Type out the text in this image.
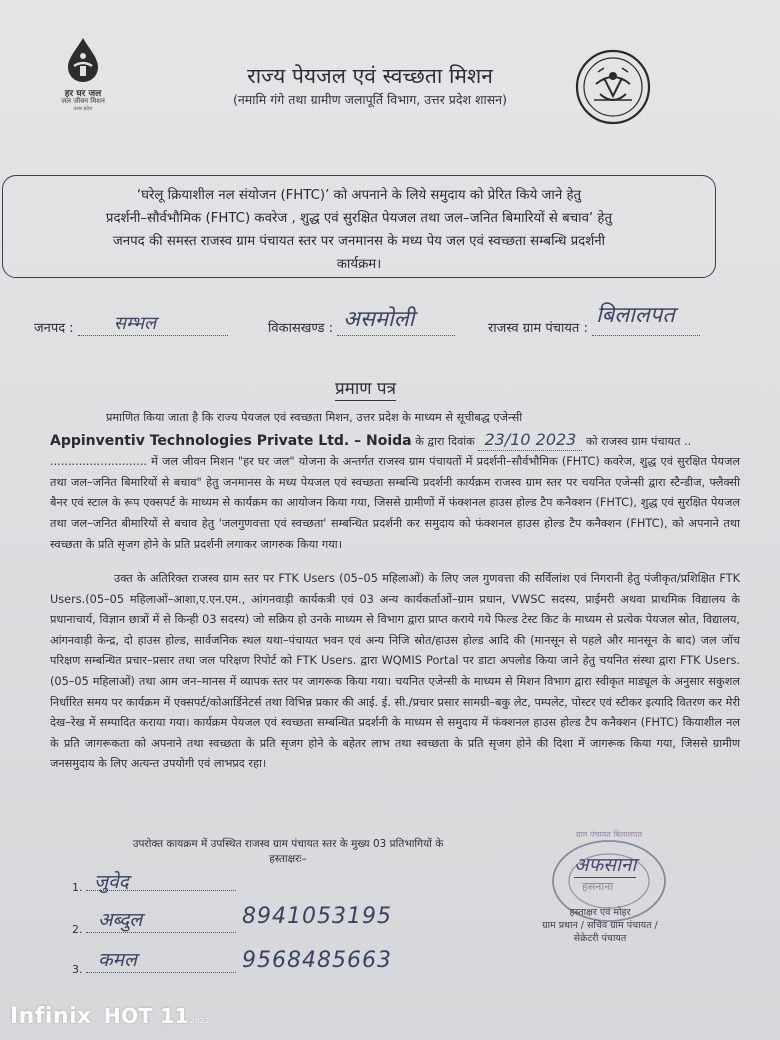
हर घर जल
जल जीवन मिशन
उत्तर प्रदेश
राज्य पेयजल एवं स्वच्छता मिशन
(नमामि गंगे तथा ग्रामीण जलापूर्ति विभाग, उत्तर प्रदेश शासन)
‘घरेलू क्रियाशील नल संयोजन (FHTC)’ को अपनाने के लिये समुदाय को प्रेरित किये जाने हेतु
प्रदर्शनी–सौर्वभौमिक (FHTC) कवरेज , शुद्ध एवं सुरक्षित पेयजल तथा जल–जनित बिमारियों से बचाव’ हेतु
जनपद की समस्त राजस्व ग्राम पंचायत स्तर पर जनमानस के मध्य पेय जल एवं स्वच्छता सम्बन्धि प्रदर्शनी
कार्यक्रम।
जनपद : सम्भल	विकासखण्ड : असमोली	राजस्व ग्राम पंचायत :
बिलालपत
प्रमाण पत्र

प्रमाणित किया जाता है कि राज्य पेयजल एवं स्वच्छता मिशन, उत्तर प्रदेश के माध्यम से सूचीबद्ध एजेन्सी

Appinventiv Technologies Private Ltd. – Noida के द्वारा दिवांक 23/10 2023 को राजस्व ग्राम पंचायत ..

........................... में जल जीवन मिशन "हर घर जल" योजना के अन्तर्गत राजस्व ग्राम पंचायतों में प्रदर्शनी–सौर्वभौमिक (FHTC) कवरेज, शुद्ध एवं सुरक्षित पेयजल तथा जल–जनित बिमारियों से बचाव" हेतु जनमानस के मध्य पेयजल एवं स्वच्छता सम्बन्धि प्रदर्शनी कार्यक्रम राजस्व ग्राम स्तर पर चयनित एजेन्सी द्वारा स्टैन्डीज, फ्लैक्सी बैनर एवं स्टाल के रूप एक्सपर्ट के माध्यम से कार्यक्रम का आयोजन किया गया, जिससे ग्रामीणों में फंक्शनल हाउस होल्ड टैप कनैक्शन (FHTC), शुद्ध एवं सुरक्षित पेयजल तथा जल–जनित बीमारियों से बचाव हेतु 'जलगुणवत्ता एवं स्वच्छता' सम्बन्धित प्रदर्शनी कर समुदाय को फंक्शनल हाउस होल्ड टैप कनैक्शन (FHTC), को अपनाने तथा स्वच्छता के प्रति सृजग होने के प्रति प्रदर्शनी लगाकर जागरुक किया गया।

उक्त के अतिरिक्त राजस्व ग्राम स्तर पर FTK Users (05–05 महिलाओं) के लिए जल गुणवत्ता की सर्विलांश एवं निगरानी हेतु पंजीकृत/प्रशिक्षित FTK Users.(05–05 महिलाओं–आशा,ए.एन.एम., आंगनवाड़ी कार्यकत्री एवं 03 अन्य कार्यकर्ताओं–ग्राम प्रधान, VWSC सदस्य, प्राईमरी अथवा प्राथमिक विद्यालय के प्रधानाचार्य, विज्ञान छात्रों में से किन्ही 03 सदस्य) जो सक्रिय हो उनके माध्यम से विभाग द्वारा प्राप्त कराये गये फिल्ड टेस्ट किट के माध्यम से प्रत्येक पेयजल स्रोत, विद्यालय, आंगनवाड़ी केन्द्र, दो हाउस होल्ड, सार्वजनिक स्थल यथा–पंचायत भवन एवं अन्य निजि स्रोत/हाउस होल्ड आदि की (मानसून से पहले और मानसून के बाद) जल जॉच परिक्षण सम्बन्धित प्रचार–प्रसार तथा जल परिक्षण रिपोर्ट को FTK Users. द्वारा WQMIS Portal पर डाटा अपलोड किया जाने हेतु चयनित संस्था द्वारा FTK Users.(05–05 महिलाओं) तथा आम जन–मानस में व्यापक स्तर पर जागरूक किया गया। चयनित एजेन्सी के माध्यम से मिशन विभाग द्वारा स्वीकृत माड्यूल के अनुसार सकुशल निर्धारित समय पर कार्यक्रम में एक्सपर्ट/कोआर्डिनेटर्स तथा विभिन्न प्रकार की आई. ई. सी./प्रचार प्रसार सामग्री–बकु लेट, पम्पलेट, पोस्टर एवं स्टीकर इत्यादि वितरण कर मेरी देख–रेख में सम्पादित कराया गया। कार्यक्रम पेयजल एवं स्वच्छता सम्बन्धित प्रदर्शनी के माध्यम से समुदाय में फंक्शनल हाउस होल्ड टैप कनैक्शन (FHTC) कियाशील नल के प्रति जागरूकता को अपनाने तथा स्वच्छता के प्रति सृजग होने के बहेतर लाभ तथा स्वच्छता के प्रति सृजग होने की दिशा में जागरूक किया गया, जिससे ग्रामीण जनसमुदाय के लिए अत्यन्त उपयोगी एवं लाभप्रद रहा।

उपरोक्त कायक्रम में उपस्थित राजस्व ग्राम पंचायत स्तर के मुख्य 03 प्रतिभागियों के
हस्ताक्षरः–
1. जुवेद
2. अब्दुल	8941053195
3. कमल	9568485663
ग्राम पंचायत बिलालपत
अफसाना
हसनाना
हस्ताक्षर एवं मोहर
ग्राम प्रधान / सचिव ग्राम पंचायत /
सेक्रेटरी पंचायत
Infinix HOT 112022
